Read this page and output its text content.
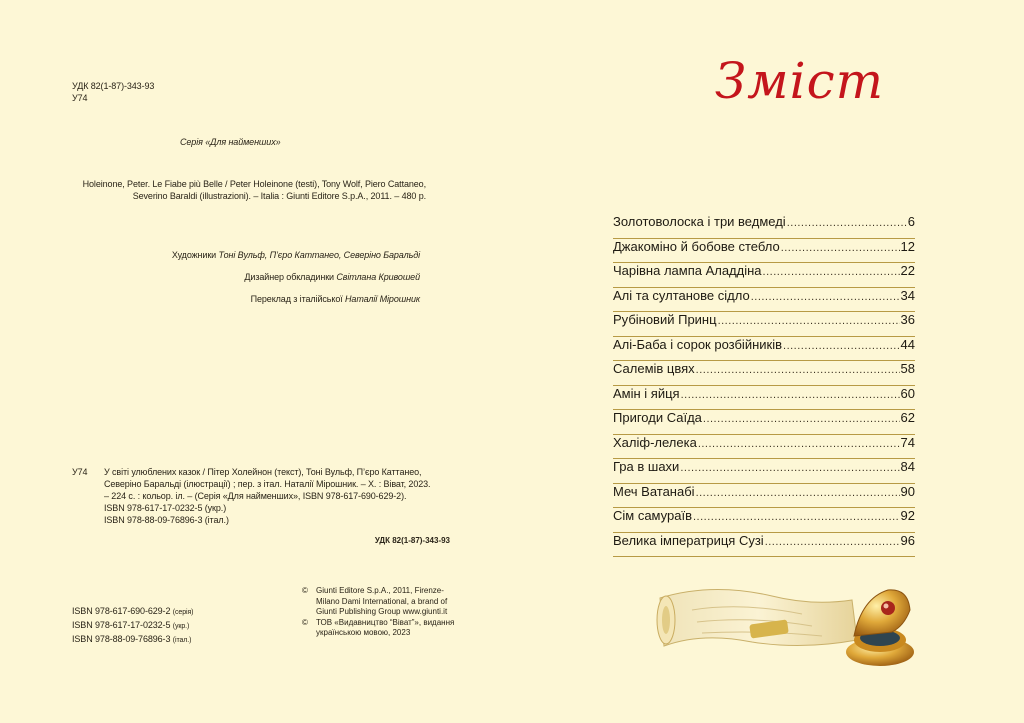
УДК 82(1-87)-343-93
У74
Серія «Для найменших»
Holeinone, Peter. Le Fiabe più Belle / Peter Holeinone (testi), Tony Wolf, Piero Cattaneo, Severino Baraldi (illustrazioni). – Italia : Giunti Editore S.p.A., 2011. – 480 p.
Художники Тоні Вульф, П’єро Каттанео, Северіно Баральді
Дизайнер обкладинки Світлана Кривошей
Переклад з італійської Наталії Мірошник
У74 У світі улюблених казок / Пітер Холейнон (текст), Тоні Вульф, П’єро Каттанео, Северіно Баральді (ілюстрації) ; пер. з італ. Наталії Мірошник. – Х. : Віват, 2023. – 224 с. : кольор. іл. – (Серія «Для найменших», ISBN 978-617-690-629-2).
ISBN 978-617-17-0232-5 (укр.)
ISBN 978-88-09-76896-3 (італ.)
УДК 82(1-87)-343-93
ISBN 978-617-690-629-2 (серія)
ISBN 978-617-17-0232-5 (укр.)
ISBN 978-88-09-76896-3 (італ.)
©	Giunti Editore S.p.A., 2011, Firenze-Milano Dami International, a brand of Giunti Publishing Group www.giunti.it
©	ТОВ «Видавництво “Віват”», видання українською мовою, 2023
Зміст
Золотоволоска і три ведмеді .....	6
Джакоміно й бобове стебло .....	12
Чарівна лампа Аладдіна .....	22
Алі та султанове сідло .....	34
Рубіновий Принц .....	36
Алі-Баба і сорок розбійників .....	44
Салемів цвях .....	58
Амін і яйця .....	60
Пригоди Саїда .....	62
Халіф-лелека .....	74
Гра в шахи .....	84
Меч Ватанабі .....	90
Сім самураїв .....	92
Велика імператриця Сузі .....	96
